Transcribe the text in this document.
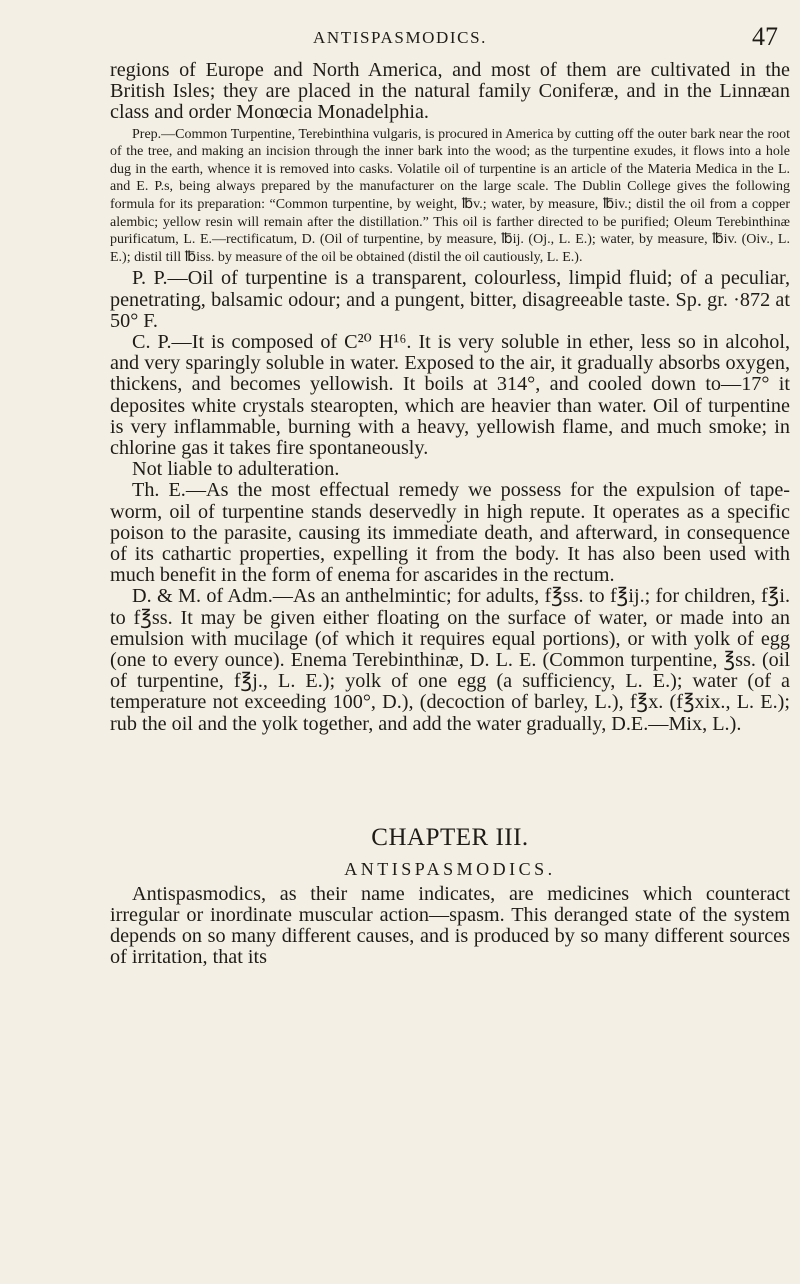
ANTISPASMODICS.	47

regions of Europe and North America, and most of them are cultivated in the British Isles; they are placed in the natural family Coniferæ, and in the Linnæan class and order Monœcia Monadelphia.

Prep.—Common Turpentine, Terebinthina vulgaris, is procured in America by cutting off the outer bark near the root of the tree, and making an incision through the inner bark into the wood; as the turpentine exudes, it flows into a hole dug in the earth, whence it is removed into casks. Volatile oil of turpentine is an article of the Materia Medica in the L. and E. P.s, being always prepared by the manufacturer on the large scale. The Dublin College gives the following formula for its preparation: “Common turpentine, by weight, ℔v.; water, by measure, ℔iv.; distil the oil from a copper alembic; yellow resin will remain after the distillation.” This oil is farther directed to be purified; Oleum Terebinthinæ purificatum, L. E.—rectificatum, D. (Oil of turpentine, by measure, ℔ij. (Oj., L. E.); water, by measure, ℔iv. (Oiv., L. E.); distil till ℔iss. by measure of the oil be obtained (distil the oil cautiously, L. E.).

P. P.—Oil of turpentine is a transparent, colourless, limpid fluid; of a peculiar, penetrating, balsamic odour; and a pungent, bitter, disagreeable taste. Sp. gr. ·872 at 50° F.

C. P.—It is composed of C²⁰ H¹⁶. It is very soluble in ether, less so in alcohol, and very sparingly soluble in water. Exposed to the air, it gradually absorbs oxygen, thickens, and becomes yellowish. It boils at 314°, and cooled down to—17° it deposites white crystals stearopten, which are heavier than water. Oil of turpentine is very inflammable, burning with a heavy, yellowish flame, and much smoke; in chlorine gas it takes fire spontaneously.

Not liable to adulteration.

Th. E.—As the most effectual remedy we possess for the expulsion of tape-worm, oil of turpentine stands deservedly in high repute. It operates as a specific poison to the parasite, causing its immediate death, and afterward, in consequence of its cathartic properties, expelling it from the body. It has also been used with much benefit in the form of enema for ascarides in the rectum.

D. & M. of Adm.—As an anthelmintic; for adults, f℥ss. to f℥ij.; for children, f℥i. to f℥ss. It may be given either floating on the surface of water, or made into an emulsion with mucilage (of which it requires equal portions), or with yolk of egg (one to every ounce). Enema Terebinthinæ, D. L. E. (Common turpentine, ℥ss. (oil of turpentine, f℥j., L. E.); yolk of one egg (a sufficiency, L. E.); water (of a temperature not exceeding 100°, D.), (decoction of barley, L.), f℥x. (f℥xix., L. E.); rub the oil and the yolk together, and add the water gradually, D.E.—Mix, L.).

CHAPTER III.
ANTISPASMODICS.

Antispasmodics, as their name indicates, are medicines which counteract irregular or inordinate muscular action—spasm. This deranged state of the system depends on so many different causes, and is produced by so many different sources of irritation, that its
